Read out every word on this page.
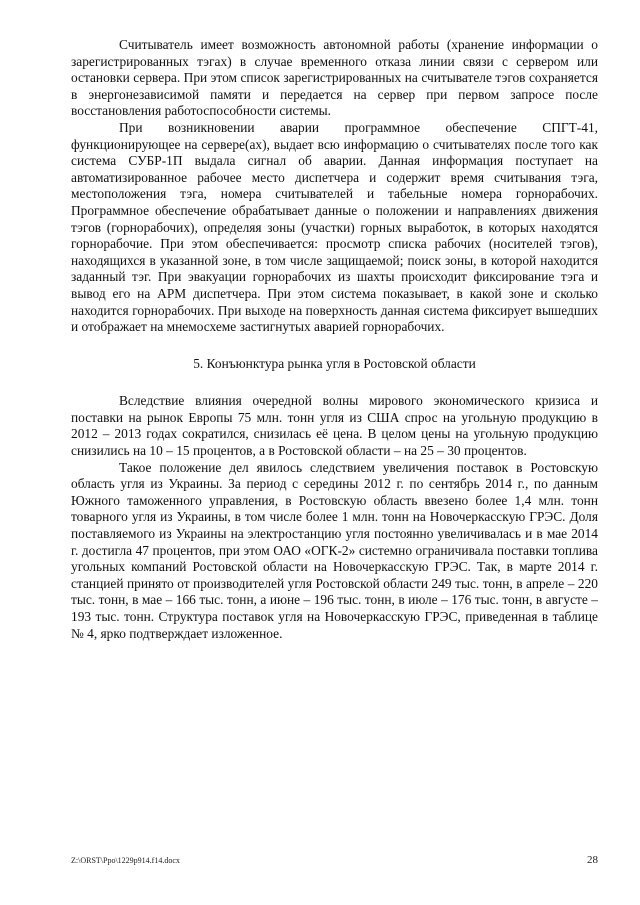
Считыватель имеет возможность автономной работы (хранение информации о зарегистрированных тэгах) в случае временного отказа линии связи с сервером или остановки сервера. При этом список зарегистрированных на считывателе тэгов сохраняется в энергонезависимой памяти и передается на сервер при первом запросе после восстановления работоспособности системы.

При возникновении аварии программное обеспечение СПГТ-41, функционирующее на сервере(ах), выдает всю информацию о считывателях после того как система СУБР-1П выдала сигнал об аварии. Данная информация поступает на автоматизированное рабочее место диспетчера и содержит время считывания тэга, местоположения тэга, номера считывателей и табельные номера горнорабочих. Программное обеспечение обрабатывает данные о положении и направлениях движения тэгов (горнорабочих), определяя зоны (участки) горных выработок, в которых находятся горнорабочие. При этом обеспечивается: просмотр списка рабочих (носителей тэгов), находящихся в указанной зоне, в том числе защищаемой; поиск зоны, в которой находится заданный тэг. При эвакуации горнорабочих из шахты происходит фиксирование тэга и вывод его на АРМ диспетчера. При этом система показывает, в какой зоне и сколько находится горнорабочих. При выходе на поверхность данная система фиксирует вышедших и отображает на мнемосхеме застигнутых аварией горнорабочих.

5. Конъюнктура рынка угля в Ростовской области

Вследствие влияния очередной волны мирового экономического кризиса и поставки на рынок Европы 75 млн. тонн угля из США спрос на угольную продукцию в 2012 – 2013 годах сократился, снизилась её цена. В целом цены на угольную продукцию снизились на 10 – 15 процентов, а в Ростовской области – на 25 – 30 процентов.

Такое положение дел явилось следствием увеличения поставок в Ростовскую область угля из Украины. За период с середины 2012 г. по сентябрь 2014 г., по данным Южного таможенного управления, в Ростовскую область ввезено более 1,4 млн. тонн товарного угля из Украины, в том числе более 1 млн. тонн на Новочеркасскую ГРЭС. Доля поставляемого из Украины на электростанцию угля постоянно увеличивалась и в мае 2014 г. достигла 47 процентов, при этом ОАО «ОГК-2» системно ограничивала поставки топлива угольных компаний Ростовской области на Новочеркасскую ГРЭС. Так, в марте 2014 г. станцией принято от производителей угля Ростовской области 249 тыс. тонн, в апреле – 220 тыс. тонн, в мае – 166 тыс. тонн, а июне – 196 тыс. тонн, в июле – 176 тыс. тонн, в августе – 193 тыс. тонн. Структура поставок угля на Новочеркасскую ГРЭС, приведенная в таблице № 4, ярко подтверждает изложенное.

Z:\ORST\Ppo\1229p914.f14.docx	28
